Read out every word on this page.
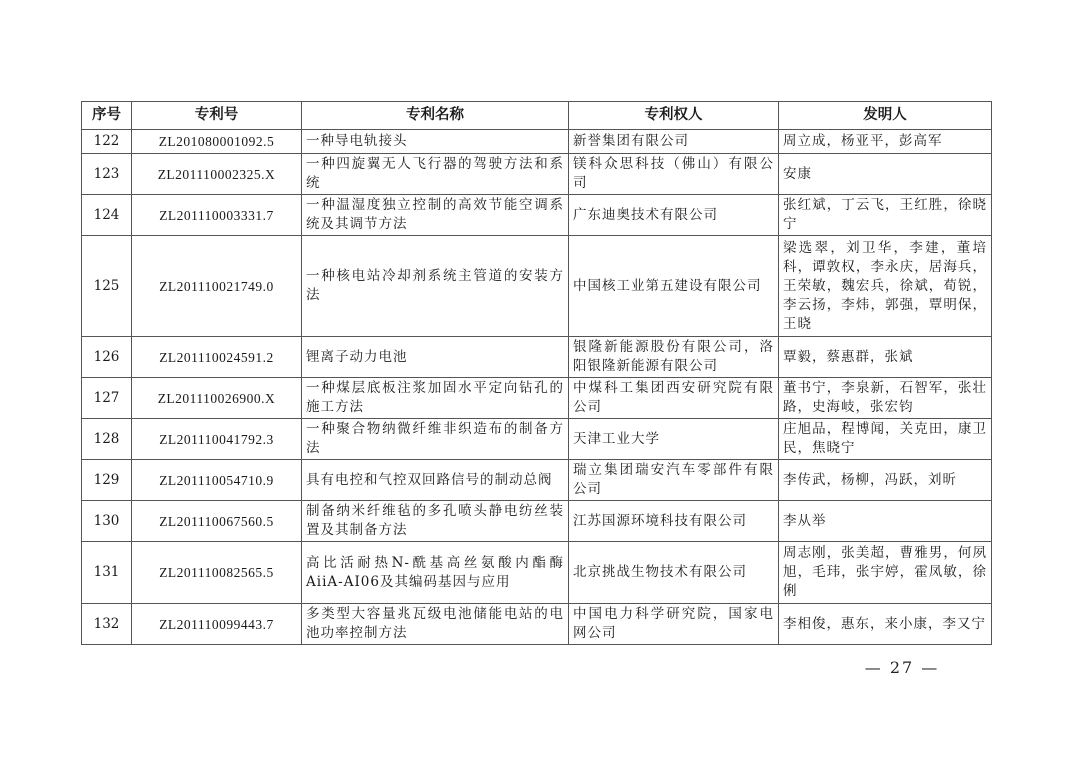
序号	专利号	专利名称	专利权人	发明人
122	ZL201080001092.5	一种导电轨接头	新誉集团有限公司	周立成，杨亚平，彭高军
123	ZL201110002325.X	一种四旋翼无人飞行器的驾驶方法和系统	镁科众思科技（佛山）有限公司	安康
124	ZL201110003331.7	一种温湿度独立控制的高效节能空调系统及其调节方法	广东迪奥技术有限公司	张红斌，丁云飞，王红胜，徐晓宁
125	ZL201110021749.0	一种核电站冷却剂系统主管道的安装方法	中国核工业第五建设有限公司	梁选翠，刘卫华，李建，董培科，谭敦权，李永庆，居海兵，王荣敏，魏宏兵，徐斌，荀锐，李云扬，李炜，郭强，覃明保，王晓
126	ZL201110024591.2	锂离子动力电池	银隆新能源股份有限公司，洛阳银隆新能源有限公司	覃毅，蔡惠群，张斌
127	ZL201110026900.X	一种煤层底板注浆加固水平定向钻孔的施工方法	中煤科工集团西安研究院有限公司	董书宁，李泉新，石智军，张壮路，史海岐，张宏钧
128	ZL201110041792.3	一种聚合物纳微纤维非织造布的制备方法	天津工业大学	庄旭品，程博闻，关克田，康卫民，焦晓宁
129	ZL201110054710.9	具有电控和气控双回路信号的制动总阀	瑞立集团瑞安汽车零部件有限公司	李传武，杨柳，冯跃，刘昕
130	ZL201110067560.5	制备纳米纤维毡的多孔喷头静电纺丝装置及其制备方法	江苏国源环境科技有限公司	李从举
131	ZL201110082565.5	高比活耐热N-酰基高丝氨酸内酯酶AiiA-AI06及其编码基因与应用	北京挑战生物技术有限公司	周志刚，张美超，曹雅男，何夙旭，毛玮，张宇婷，霍凤敏，徐俐
132	ZL201110099443.7	多类型大容量兆瓦级电池储能电站的电池功率控制方法	中国电力科学研究院，国家电网公司	李相俊，惠东，来小康，李又宁
— 27 —
